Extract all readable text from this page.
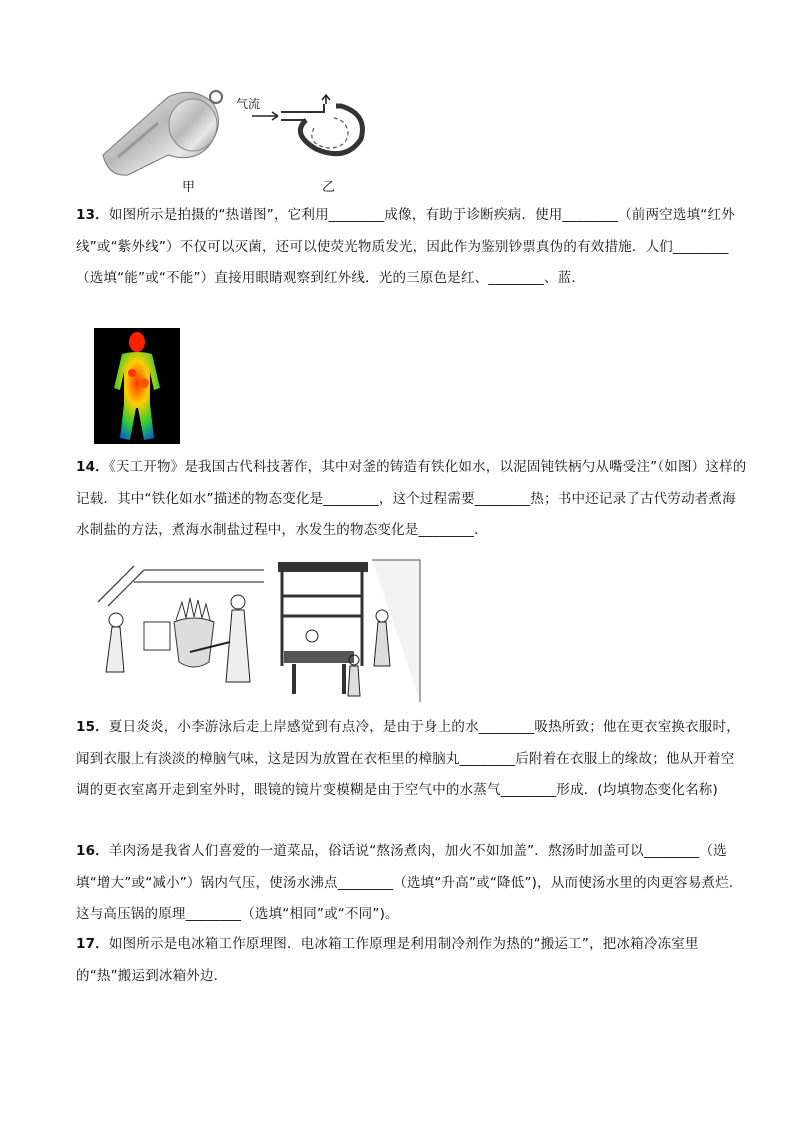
甲
气流
乙
13．如图所示是拍摄的“热谱图”，它利用________成像，有助于诊断疾病．使用________（前两空选填“红外线”或“紫外线”）不仅可以灭菌，还可以使荧光物质发光，因此作为鉴别钞票真伪的有效措施．人们________（选填“能”或“不能”）直接用眼睛观察到红外线．光的三原色是红、________、蓝．
14．《天工开物》是我国古代科技著作，其中对釜的铸造有铁化如水，以泥固钝铁柄勺从嘴受注”（如图）这样的记载．其中“铁化如水”描述的物态变化是________，这个过程需要________热；书中还记录了古代劳动者煮海水制盐的方法，煮海水制盐过程中，水发生的物态变化是________．
15．夏日炎炎，小李游泳后走上岸感觉到有点冷，是由于身上的水________吸热所致；他在更衣室换衣服时，闻到衣服上有淡淡的樟脑气味，这是因为放置在衣柜里的樟脑丸________后附着在衣服上的缘故；他从开着空调的更衣室离开走到室外时，眼镜的镜片变模糊是由于空气中的水蒸气________形成．(均填物态变化名称)
16．羊肉汤是我省人们喜爱的一道菜品，俗话说“熬汤煮肉，加火不如加盖”．熬汤时加盖可以________（选填“增大”或“减小”）锅内气压，使汤水沸点________（选填“升高”或“降低”)，从而使汤水里的肉更容易煮烂．这与高压锅的原理________（选填“相同”或“不同”)。
17．如图所示是电冰箱工作原理图．电冰箱工作原理是利用制冷剂作为热的“搬运工”，把冰箱冷冻室里的“热”搬运到冰箱外边．
